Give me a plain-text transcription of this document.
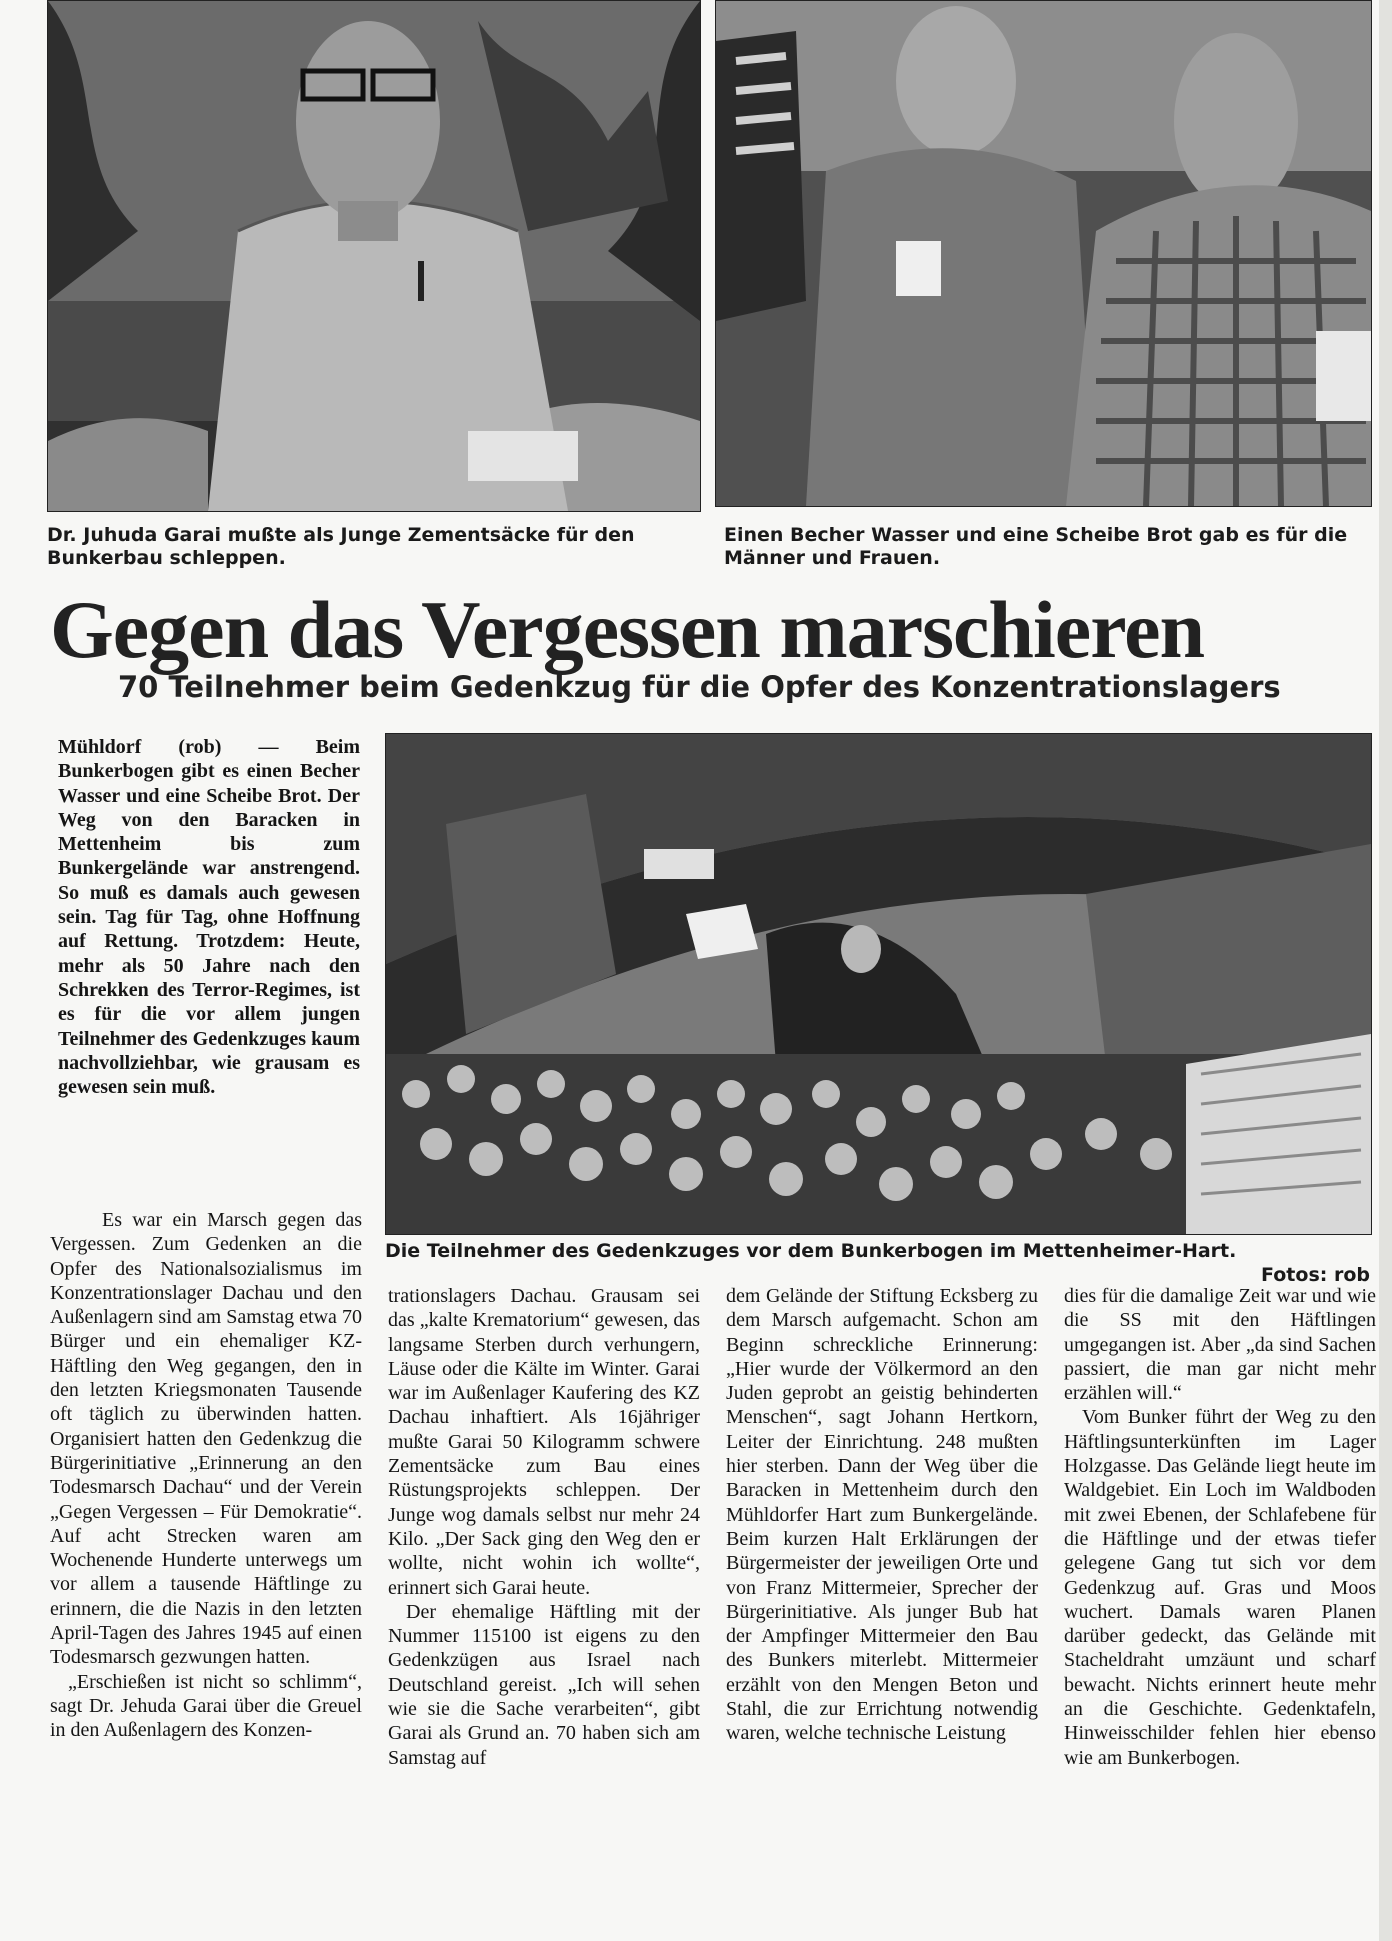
Dr. Juhuda Garai mußte als Junge Zementsäcke für den Bunkerbau schleppen.
Einen Becher Wasser und eine Scheibe Brot gab es für die Männer und Frauen.
Gegen das Vergessen marschieren
70 Teilnehmer beim Gedenkzug für die Opfer des Konzentrationslagers
Mühldorf (rob) — Beim Bunkerbogen gibt es einen Becher Wasser und eine Scheibe Brot. Der Weg von den Baracken in Mettenheim bis zum Bunkergelände war anstrengend. So muß es damals auch gewesen sein. Tag für Tag, ohne Hoffnung auf Rettung. Trotzdem: Heute, mehr als 50 Jahre nach den Schrekken des Terror-Regimes, ist es für die vor allem jungen Teilnehmer des Gedenkzuges kaum nachvollziehbar, wie grausam es gewesen sein muß.
Die Teilnehmer des Gedenkzuges vor dem Bunkerbogen im Mettenheimer-Hart.
Fotos: rob

Es war ein Marsch gegen das Vergessen. Zum Gedenken an die Opfer des Nationalsozialismus im Konzentrationslager Dachau und den Außenlagern sind am Samstag etwa 70 Bürger und ein ehemaliger KZ-Häftling den Weg gegangen, den in den letzten Kriegsmonaten Tausende oft täglich zu überwinden hatten. Organisiert hatten den Gedenkzug die Bürgerinitiative „Erinnerung an den Todesmarsch Dachau“ und der Verein „Gegen Vergessen – Für Demokratie“. Auf acht Strecken waren am Wochenende Hunderte unterwegs um vor allem a tausende Häftlinge zu erinnern, die die Nazis in den letzten April-Tagen des Jahres 1945 auf einen Todesmarsch gezwungen hatten.

„Erschießen ist nicht so schlimm“, sagt Dr. Jehuda Garai über die Greuel in den Außenlagern des Konzen-

trationslagers Dachau. Grausam sei das „kalte Krematorium“ gewesen, das langsame Sterben durch verhungern, Läuse oder die Kälte im Winter. Garai war im Außenlager Kaufering des KZ Dachau inhaftiert. Als 16jähriger mußte Garai 50 Kilogramm schwere Zementsäcke zum Bau eines Rüstungsprojekts schleppen. Der Junge wog damals selbst nur mehr 24 Kilo. „Der Sack ging den Weg den er wollte, nicht wohin ich wollte“, erinnert sich Garai heute.

Der ehemalige Häftling mit der Nummer 115100 ist eigens zu den Gedenkzügen aus Israel nach Deutschland gereist. „Ich will sehen wie sie die Sache verarbeiten“, gibt Garai als Grund an. 70 haben sich am Samstag auf

dem Gelände der Stiftung Ecksberg zu dem Marsch aufgemacht. Schon am Beginn schreckliche Erinnerung: „Hier wurde der Völkermord an den Juden geprobt an geistig behinderten Menschen“, sagt Johann Hertkorn, Leiter der Einrichtung. 248 mußten hier sterben. Dann der Weg über die Baracken in Mettenheim durch den Mühldorfer Hart zum Bunkergelände. Beim kurzen Halt Erklärungen der Bürgermeister der jeweiligen Orte und von Franz Mittermeier, Sprecher der Bürgerinitiative. Als junger Bub hat der Ampfinger Mittermeier den Bau des Bunkers miterlebt. Mittermeier erzählt von den Mengen Beton und Stahl, die zur Errichtung notwendig waren, welche technische Leistung

dies für die damalige Zeit war und wie die SS mit den Häftlingen umgegangen ist. Aber „da sind Sachen passiert, die man gar nicht mehr erzählen will.“

Vom Bunker führt der Weg zu den Häftlingsunterkünften im Lager Holzgasse. Das Gelände liegt heute im Waldgebiet. Ein Loch im Waldboden mit zwei Ebenen, der Schlafebene für die Häftlinge und der etwas tiefer gelegene Gang tut sich vor dem Gedenkzug auf. Gras und Moos wuchert. Damals waren Planen darüber gedeckt, das Gelände mit Stacheldraht umzäunt und scharf bewacht. Nichts erinnert heute mehr an die Geschichte. Gedenktafeln, Hinweisschilder fehlen hier ebenso wie am Bunkerbogen.
